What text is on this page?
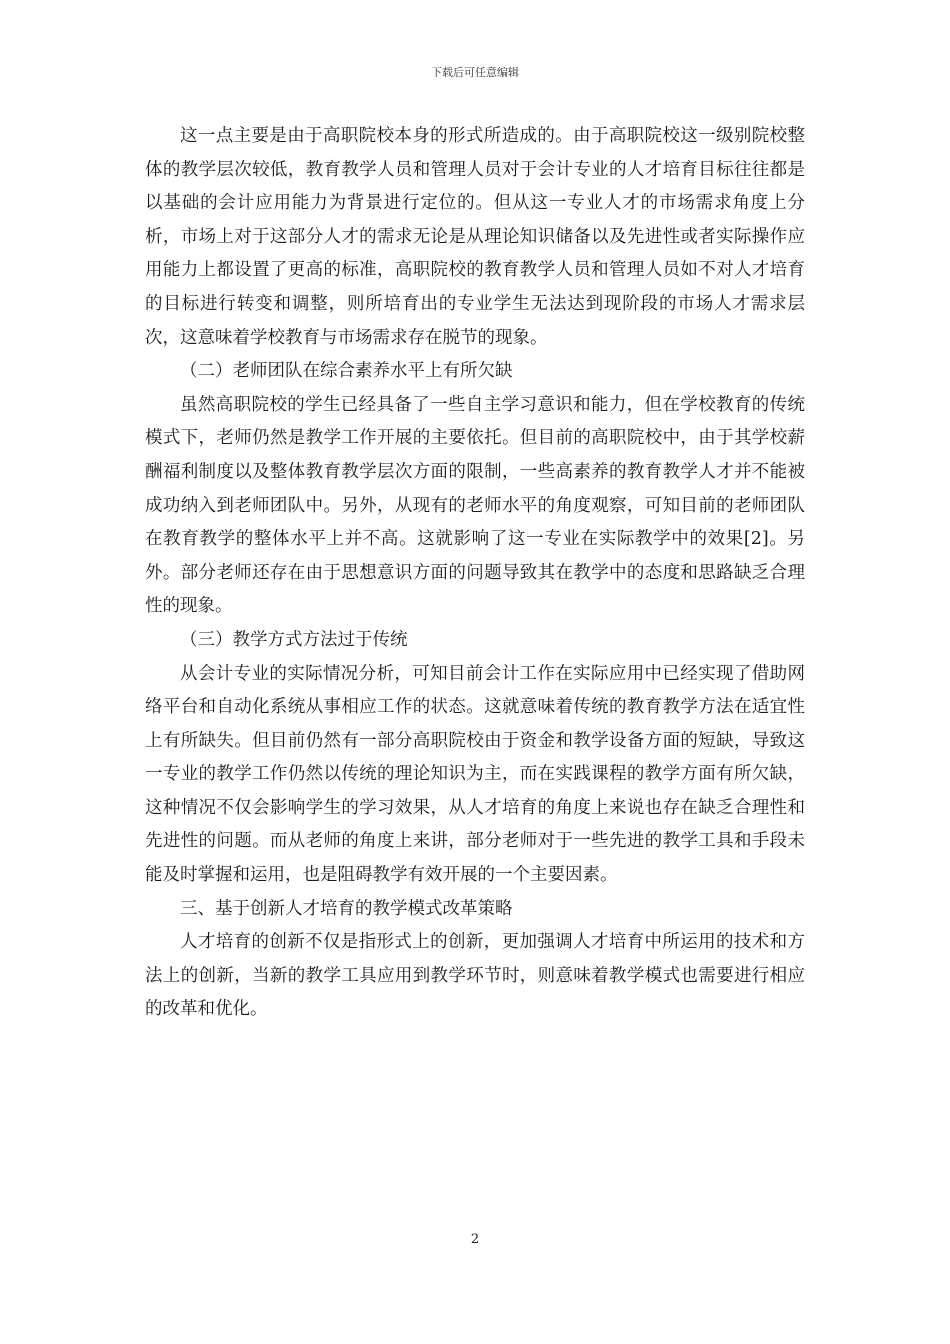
下载后可任意编辑

这一点主要是由于高职院校本身的形式所造成的。由于高职院校这一级别院校整体的教学层次较低，教育教学人员和管理人员对于会计专业的人才培育目标往往都是以基础的会计应用能力为背景进行定位的。但从这一专业人才的市场需求角度上分析，市场上对于这部分人才的需求无论是从理论知识储备以及先进性或者实际操作应用能力上都设置了更高的标准，高职院校的教育教学人员和管理人员如不对人才培育的目标进行转变和调整，则所培育出的专业学生无法达到现阶段的市场人才需求层次，这意味着学校教育与市场需求存在脱节的现象。

（二）老师团队在综合素养水平上有所欠缺

虽然高职院校的学生已经具备了一些自主学习意识和能力，但在学校教育的传统模式下，老师仍然是教学工作开展的主要依托。但目前的高职院校中，由于其学校薪酬福利制度以及整体教育教学层次方面的限制，一些高素养的教育教学人才并不能被成功纳入到老师团队中。另外，从现有的老师水平的角度观察，可知目前的老师团队在教育教学的整体水平上并不高。这就影响了这一专业在实际教学中的效果[2]。另外。部分老师还存在由于思想意识方面的问题导致其在教学中的态度和思路缺乏合理性的现象。

（三）教学方式方法过于传统

从会计专业的实际情况分析，可知目前会计工作在实际应用中已经实现了借助网络平台和自动化系统从事相应工作的状态。这就意味着传统的教育教学方法在适宜性上有所缺失。但目前仍然有一部分高职院校由于资金和教学设备方面的短缺，导致这一专业的教学工作仍然以传统的理论知识为主，而在实践课程的教学方面有所欠缺，这种情况不仅会影响学生的学习效果，从人才培育的角度上来说也存在缺乏合理性和先进性的问题。而从老师的角度上来讲，部分老师对于一些先进的教学工具和手段未能及时掌握和运用，也是阻碍教学有效开展的一个主要因素。

三、基于创新人才培育的教学模式改革策略

人才培育的创新不仅是指形式上的创新，更加强调人才培育中所运用的技术和方法上的创新，当新的教学工具应用到教学环节时，则意味着教学模式也需要进行相应的改革和优化。

2
